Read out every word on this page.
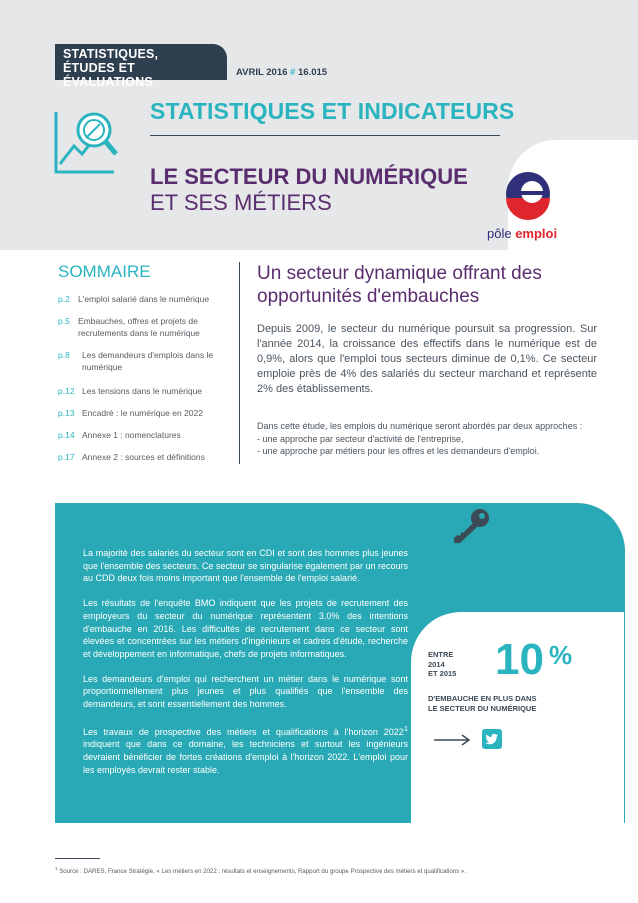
STATISTIQUES,
ÉTUDES ET ÉVALUATIONS
AVRIL 2016 # 16.015
STATISTIQUES ET INDICATEURS
LE SECTEUR DU NUMÉRIQUE
ET SES MÉTIERS
pôle emploi
SOMMAIRE
p.2 L'emploi salarié dans le numérique
p.5 Embauches, offres et projets de recrutements dans le numérique
p.8	Les demandeurs d'emplois dans le numérique
p.12 Les tensions dans le numérique
p.13 Encadré : le numérique en 2022
p.14 Annexe 1 : nomenclatures
p.17 Annexe 2 : sources et définitions
Un secteur dynamique offrant des opportunités d'embauches
Depuis 2009, le secteur du numérique poursuit sa progression. Sur l'année 2014, la croissance des effectifs dans le numérique est de 0,9%, alors que l'emploi tous secteurs diminue de 0,1%. Ce secteur emploie près de 4% des salariés du secteur marchand et représente 2% des établissements.
Dans cette étude, les emplois du numérique seront abordés par deux approches :
- une approche par secteur d'activité de l'entreprise,
- une approche par métiers pour les offres et les demandeurs d'emploi.

La majorité des salariés du secteur sont en CDI et sont des hommes plus jeunes que l'ensemble des secteurs. Ce secteur se singularise également par un recours au CDD deux fois moins important que l'ensemble de l'emploi salarié.

Les résultats de l'enquête BMO indiquent que les projets de recrutement des employeurs du secteur du numérique représentent 3,0% des intentions d'embauche en 2016. Les difficultés de recrutement dans ce secteur sont élevées et concentrées sur les métiers d'ingénieurs et cadres d'étude, recherche et développement en informatique, chefs de projets informatiques.

Les demandeurs d'emploi qui recherchent un métier dans le numérique sont proportionnellement plus jeunes et plus qualifiés que l'ensemble des demandeurs, et sont essentiellement des hommes.

Les travaux de prospective des métiers et qualifications à l'horizon 2022$^1$ indiquent que dans ce domaine, les techniciens et surtout les ingénieurs devraient bénéficier de fortes créations d'emploi à l'horizon 2022. L'emploi pour les employés devrait rester stable.

ENTRE
2014
ET 2015 10 %
D'EMBAUCHE EN PLUS DANS LE SECTEUR DU NUMÉRIQUE
$^1$ Source : DARES, France Stratégie, « Les métiers en 2022 : résultats et enseignements, Rapport du groupe Prospective des métiers et qualifications ».
